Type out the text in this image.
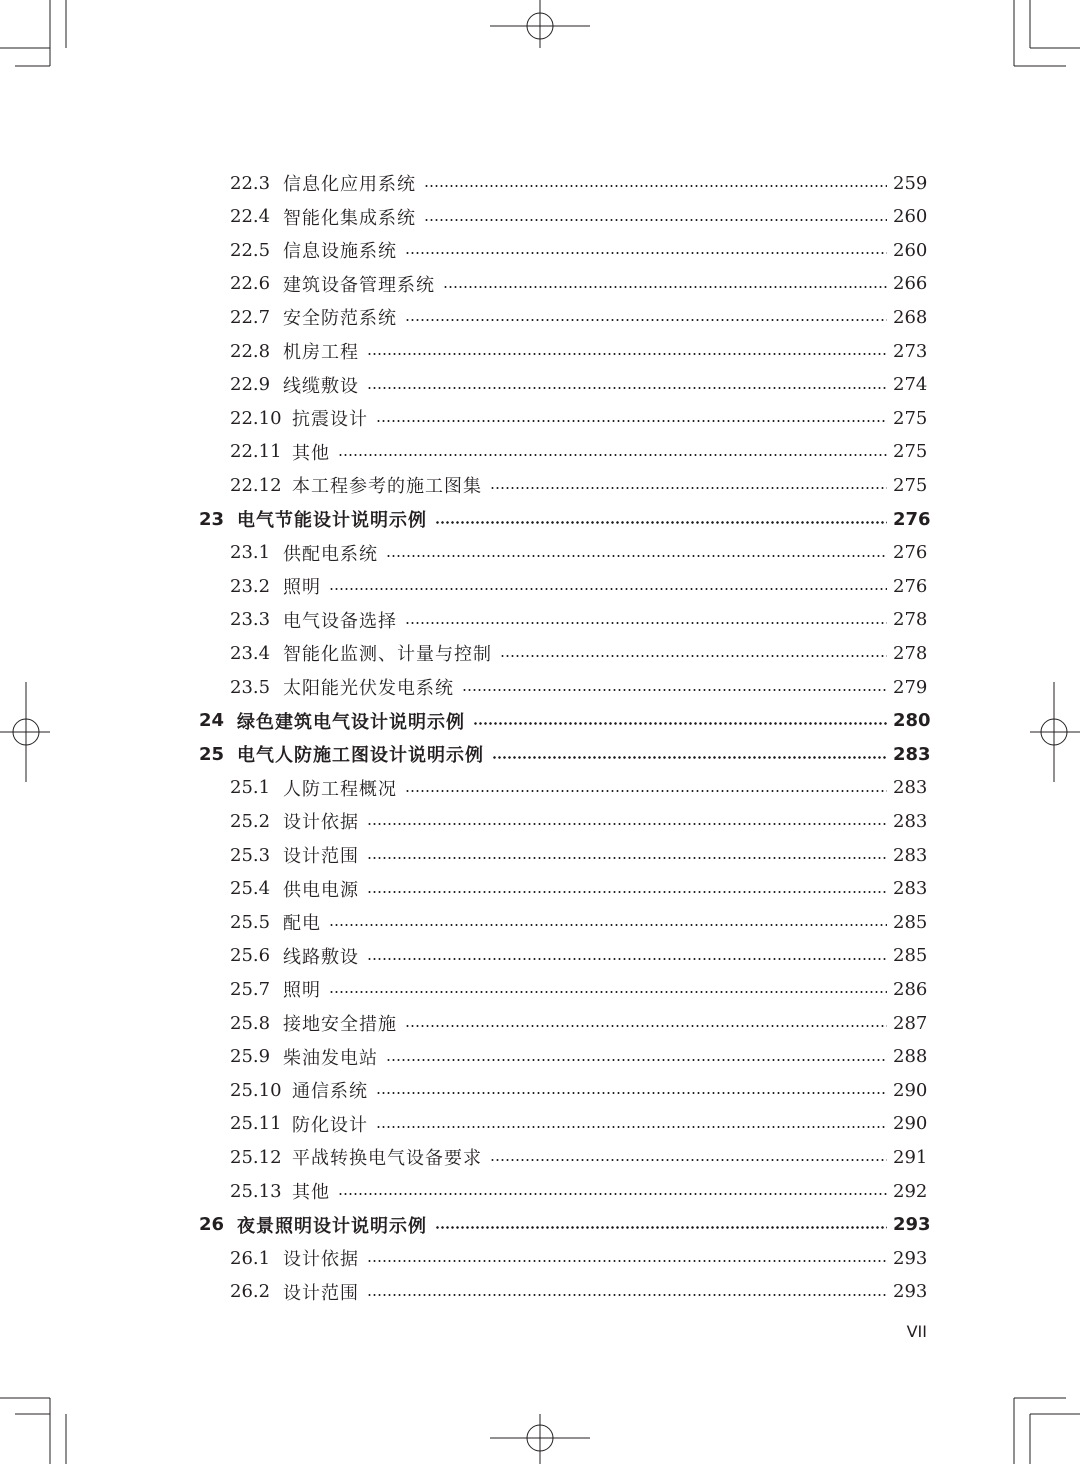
22.3 信息化应用系统	259
22.4 智能化集成系统	260
22.5 信息设施系统	260
22.6 建筑设备管理系统	266
22.7 安全防范系统	268
22.8 机房工程	273
22.9 线缆敷设	274
22.10 抗震设计	275
22.11 其他	275
22.12 本工程参考的施工图集	275
23 电气节能设计说明示例	276
23.1 供配电系统	276
23.2 照明	276
23.3 电气设备选择	278
23.4 智能化监测、计量与控制	278
23.5 太阳能光伏发电系统	279
24 绿色建筑电气设计说明示例	280
25 电气人防施工图设计说明示例	283
25.1 人防工程概况	283
25.2 设计依据	283
25.3 设计范围	283
25.4 供电电源	283
25.5 配电	285
25.6 线路敷设	285
25.7 照明	286
25.8 接地安全措施	287
25.9 柴油发电站	288
25.10 通信系统	290
25.11 防化设计	290
25.12 平战转换电气设备要求	291
25.13 其他	292
26 夜景照明设计说明示例	293
26.1 设计依据	293
26.2 设计范围	293
VII
